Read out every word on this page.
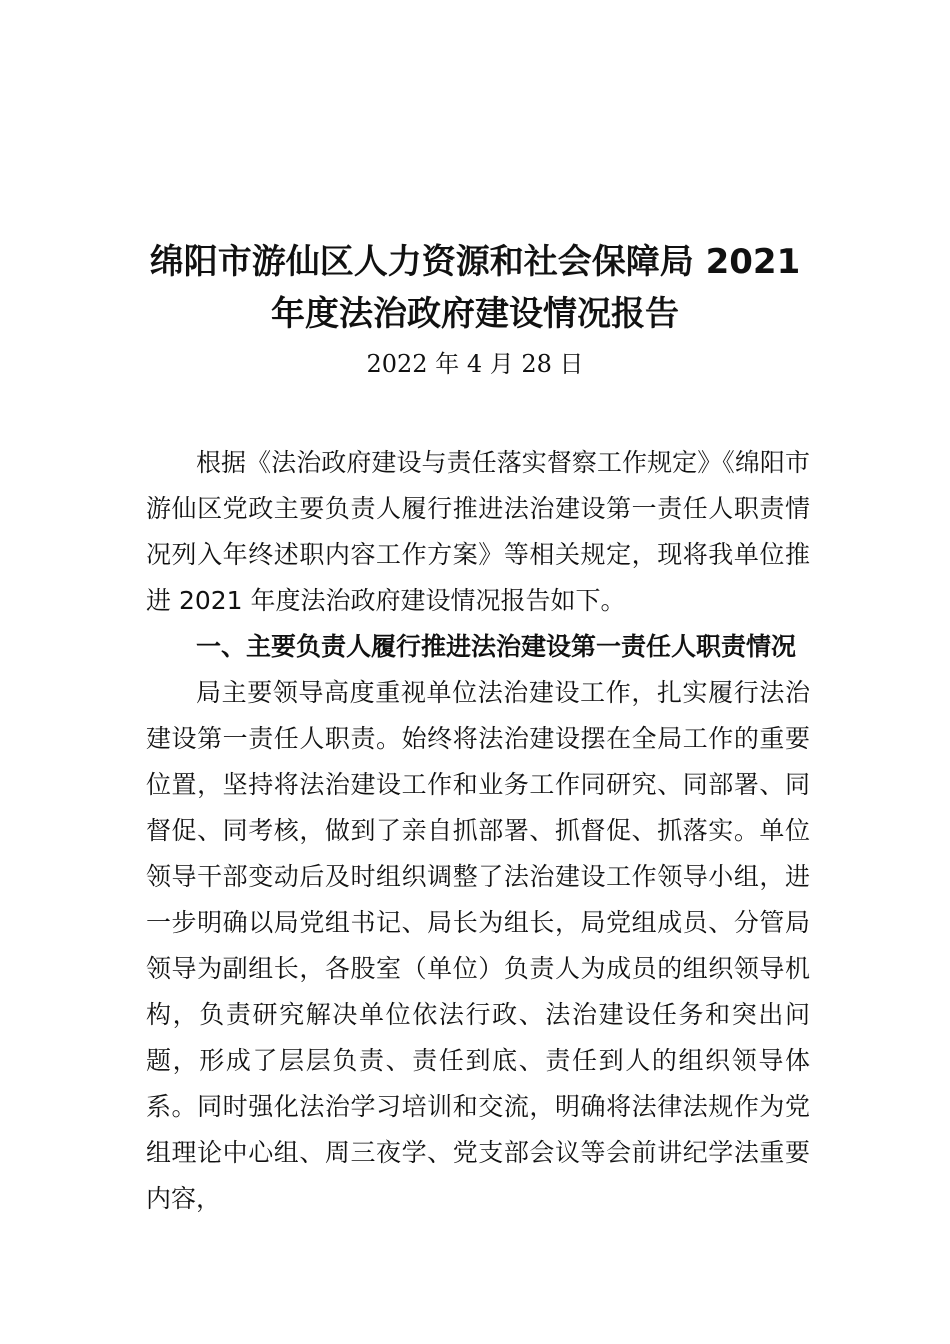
绵阳市游仙区人力资源和社会保障局 2021
年度法治政府建设情况报告
2022 年 4 月 28 日

根据《法治政府建设与责任落实督察工作规定》《绵阳市游仙区党政主要负责人履行推进法治建设第一责任人职责情况列入年终述职内容工作方案》等相关规定，现将我单位推进 2021 年度法治政府建设情况报告如下。

一、主要负责人履行推进法治建设第一责任人职责情况

局主要领导高度重视单位法治建设工作，扎实履行法治建设第一责任人职责。始终将法治建设摆在全局工作的重要位置，坚持将法治建设工作和业务工作同研究、同部署、同督促、同考核，做到了亲自抓部署、抓督促、抓落实。单位领导干部变动后及时组织调整了法治建设工作领导小组，进一步明确以局党组书记、局长为组长，局党组成员、分管局领导为副组长，各股室（单位）负责人为成员的组织领导机构，负责研究解决单位依法行政、法治建设任务和突出问题，形成了层层负责、责任到底、责任到人的组织领导体系。同时强化法治学习培训和交流，明确将法律法规作为党组理论中心组、周三夜学、党支部会议等会前讲纪学法重要内容，
